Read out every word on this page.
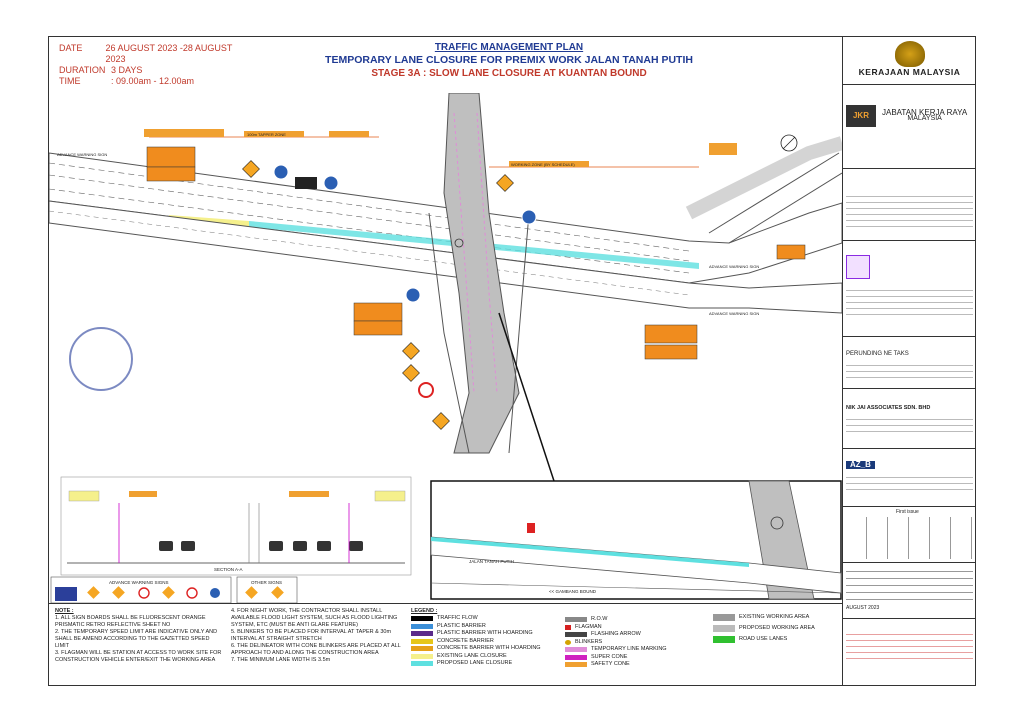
DATE	26 AUGUST 2023 -28 AUGUST 2023
DURATION 3 DAYS
TIME	: 09.00am - 12.00am
TRAFFIC MANAGEMENT PLAN
TEMPORARY LANE CLOSURE FOR PREMIX WORK JALAN TANAH PUTIH
STAGE 3A : SLOW LANE CLOSURE AT KUANTAN BOUND
WORKING ZONE (BY SCHEDULE)
100m TAPPER ZONE
ADVANCE WARNING SIGN
ADVANCE WARNING SIGN
ADVANCE WARNING SIGN
SECTION A-A
JALAN TANAH PUTIH
<< GAMBANG BOUND
ADVANCE WARNING SIGNS	OTHER SIGNS
NOTE :
1. ALL SIGN BOARDS SHALL BE FLUORESCENT ORANGE PRISMATIC RETRO REFLECTIVE SHEET NO
2. THE TEMPORARY SPEED LIMIT ARE INDICATIVE ONLY AND SHALL BE AMEND ACCORDING TO THE GAZETTED SPEED LIMIT
3. FLAGMAN WILL BE STATION AT ACCESS TO WORK SITE FOR CONSTRUCTION VEHICLE ENTER/EXIT THE WORKING AREA
4. FOR NIGHT WORK, THE CONTRACTOR SHALL INSTALL AVAILABLE FLOOD LIGHT SYSTEM, SUCH AS FLOOD LIGHTING SYSTEM, ETC (MUST BE ANTI GLARE FEATURE)
5. BLINKERS TO BE PLACED FOR INTERVAL AT TAPER & 30m INTERVAL AT STRAIGHT STRETCH
6. THE DELINEATOR WITH CONE BLINKERS ARE PLACED AT ALL APPROACH TO AND ALONG THE CONSTRUCTION AREA
7. THE MINIMUM LANE WIDTH IS 3.5m
LEGEND :
TRAFFIC FLOW
PLASTIC BARRIER
PLASTIC BARRIER WITH HOARDING
CONCRETE BARRIER
CONCRETE BARRIER WITH HOARDING
EXISTING LANE CLOSURE
PROPOSED LANE CLOSURE
R.O.W
FLAGMAN
FLASHING ARROW
BLINKERS
TEMPORARY LINE MARKING
SUPER CONE
SAFETY CONE
EXISTING WORKING AREA
PROPOSED WORKING AREA
ROAD USE LANES
KERAJAAN MALAYSIA
JKR	JABATAN KERJA RAYA
MALAYSIA
PERUNDING NE TAKS
NIK JAI ASSOCIATES SDN. BHD
AZ_B
First issue
AUGUST 2023
